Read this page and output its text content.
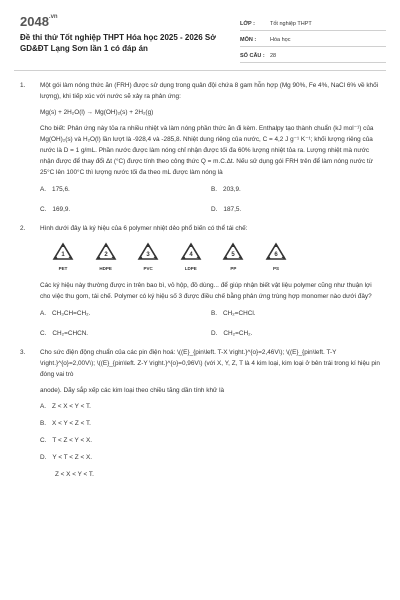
$2048^{.vn}$
Đề thi thử Tốt nghiệp THPT Hóa học 2025 - 2026 Sở GD&ĐT Lạng Sơn lần 1 có đáp án
LỚP :	Tốt nghiệp THPT
MÔN :	Hóa học
SỐ CÂU : 28
1. Một gói làm nóng thức ăn (FRH) được sử dụng trong quân đội chứa 8 gam hỗn hợp (Mg 90%, Fe 4%, NaCl 6% về khối lượng), khi tiếp xúc với nước sẽ xảy ra phản ứng:

Mg(s) + 2H₂O(l) → Mg(OH)₂(s) + 2H₂(g)

Cho biết: Phản ứng này tỏa ra nhiều nhiệt và làm nóng phần thức ăn đi kèm. Enthalpy tạo thành chuẩn (kJ mol⁻¹) của Mg(OH)₂(s) và H₂O(l) lần lượt là -928,4 và -285,8. Nhiệt dung riêng của nước, C = 4,2 J g⁻¹ K⁻¹; khối lượng riêng của nước là D = 1 g/mL. Phần nước được làm nóng chỉ nhận được tối đa 60% lượng nhiệt tỏa ra. Lượng nhiệt mà nước nhận được để thay đổi Δt (°C) được tính theo công thức Q = m.C.Δt. Nếu sử dụng gói FRH trên để làm nóng nước từ 25°C lên 100°C thì lượng nước tối đa theo mL được làm nóng là

A. 175,6.	B. 203,9.
C. 169,9.	D. 187,5.
2. Hình dưới đây là ký hiệu của 6 polymer nhiệt dẻo phổ biến có thể tái chế:

1
PET
2
HDPE
3
PVC
4
LDPE
5
PP
6
PS

Các ký hiệu này thường được in trên bao bì, vỏ hộp, đồ dùng... để giúp nhận biết vật liệu polymer cũng như thuận lợi cho việc thu gom, tái chế. Polymer có ký hiệu số 3 được điều chế bằng phản ứng trùng hợp monomer nào dưới đây?

A. CH₃CH=CH₂.	B. CH₂=CHCl.
C. CH₂=CHCN.	D. CH₂=CH₂.
3. Cho sức điện động chuẩn của các pin điện hoá: \((E}_{pin\left. T-X \right.}^{o}=2,46V\); \((E}_{pin\left. T-Y \right.}^{o}=2,00V\); \((E}_{pin\left. Z-Y \right.}^{o}=0,96V\) (với X, Y, Z, T là 4 kim loại, kim loại ở bên trái trong kí hiệu pin đóng vai trò

anode). Dãy sắp xếp các kim loại theo chiều tăng dần tính khử là

A. Z < X < Y < T.
B. X < Y < Z < T.
C. T < Z < Y < X.
D. Y < T < Z < X.
Z < X < Y < T.
